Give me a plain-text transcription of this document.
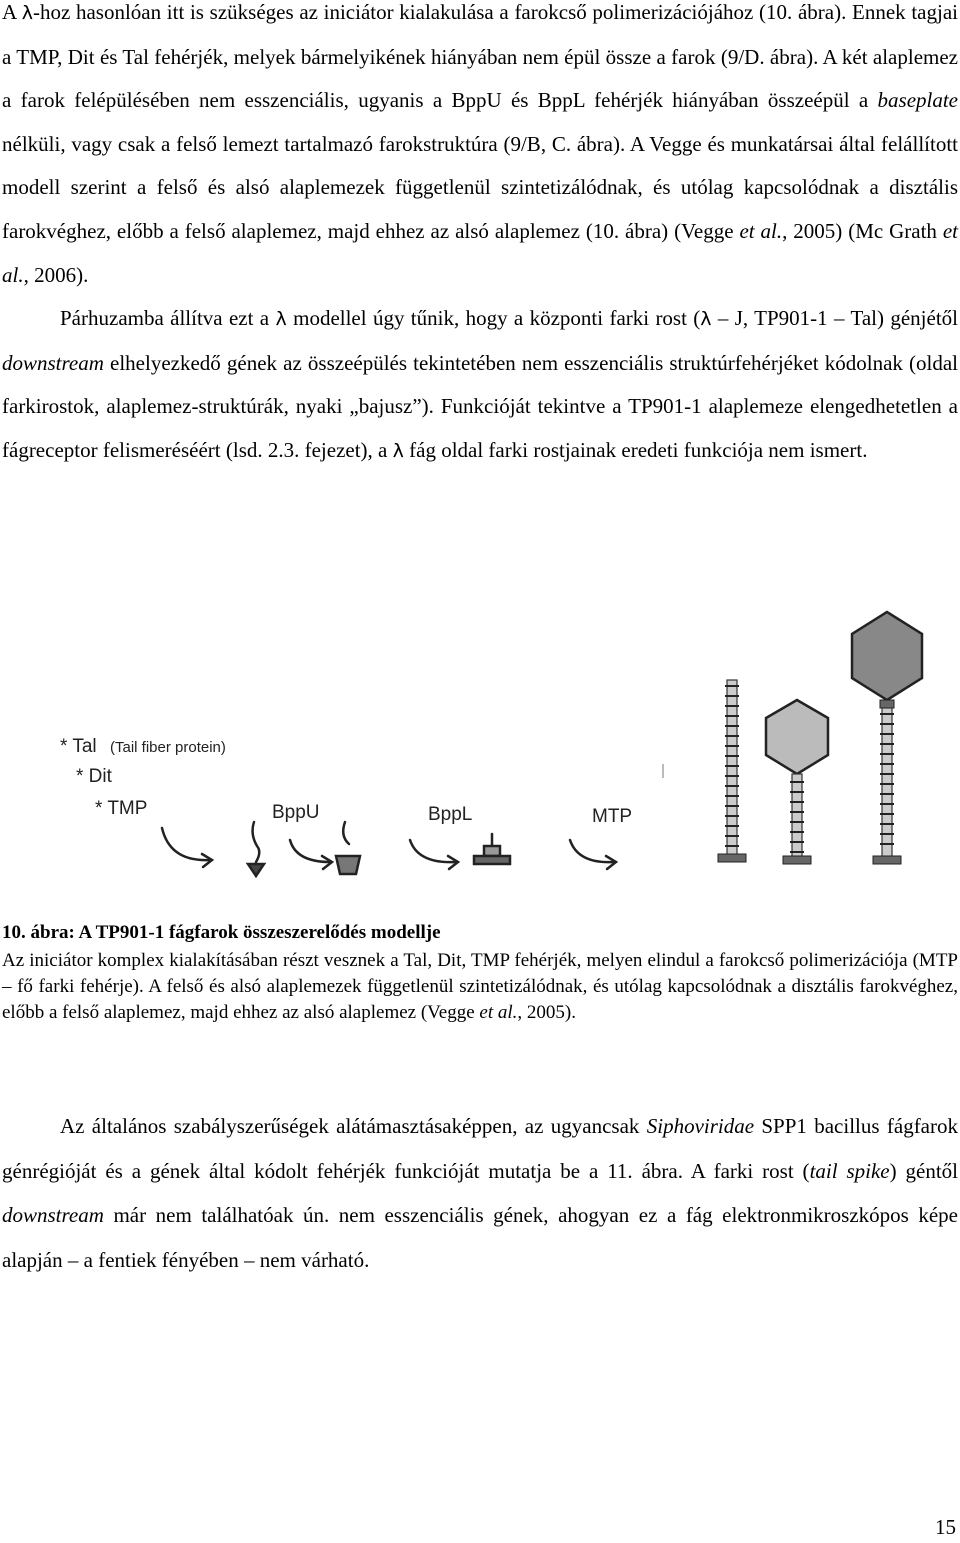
A λ-hoz hasonlóan itt is szükséges az iniciátor kialakulása a farokcső polimerizációjához (10. ábra). Ennek tagjai a TMP, Dit és Tal fehérjék, melyek bármelyikének hiányában nem épül össze a farok (9/D. ábra). A két alaplemez a farok felépülésében nem esszenciális, ugyanis a BppU és BppL fehérjék hiányában összeépül a baseplate nélküli, vagy csak a felső lemezt tartalmazó farokstruktúra (9/B, C. ábra). A Vegge és munkatársai által felállított modell szerint a felső és alsó alaplemezek függetlenül szintetizálódnak, és utólag kapcsolódnak a disztális farokvéghez, előbb a felső alaplemez, majd ehhez az alsó alaplemez (10. ábra) (Vegge et al., 2005) (Mc Grath et al., 2006).
Párhuzamba állítva ezt a λ modellel úgy tűnik, hogy a központi farki rost (λ – J, TP901-1 – Tal) génjétől downstream elhelyezkedő gének az összeépülés tekintetében nem esszenciális struktúrfehérjéket kódolnak (oldal farkirostok, alaplemez-struktúrák, nyaki „bajusz”). Funkcióját tekintve a TP901-1 alaplemeze elengedhetetlen a fágreceptor felismeréséért (lsd. 2.3. fejezet), a λ fág oldal farki rostjainak eredeti funkciója nem ismert.

* Tal (Tail fiber protein)
* Dit
* TMP	BppU	BppL	MTP

10. ábra: A TP901-1 fágfarok összeszerelődés modellje

Az iniciátor komplex kialakításában részt vesznek a Tal, Dit, TMP fehérjék, melyen elindul a farokcső polimerizációja (MTP – fő farki fehérje). A felső és alsó alaplemezek függetlenül szintetizálódnak, és utólag kapcsolódnak a disztális farokvéghez, előbb a felső alaplemez, majd ehhez az alsó alaplemez (Vegge et al., 2005).

Az általános szabályszerűségek alátámasztásaképpen, az ugyancsak Siphoviridae SPP1 bacillus fágfarok génrégióját és a gének által kódolt fehérjék funkcióját mutatja be a 11. ábra. A farki rost (tail spike) géntől downstream már nem találhatóak ún. nem esszenciális gének, ahogyan ez a fág elektronmikroszkópos képe alapján – a fentiek fényében – nem várható.

15
